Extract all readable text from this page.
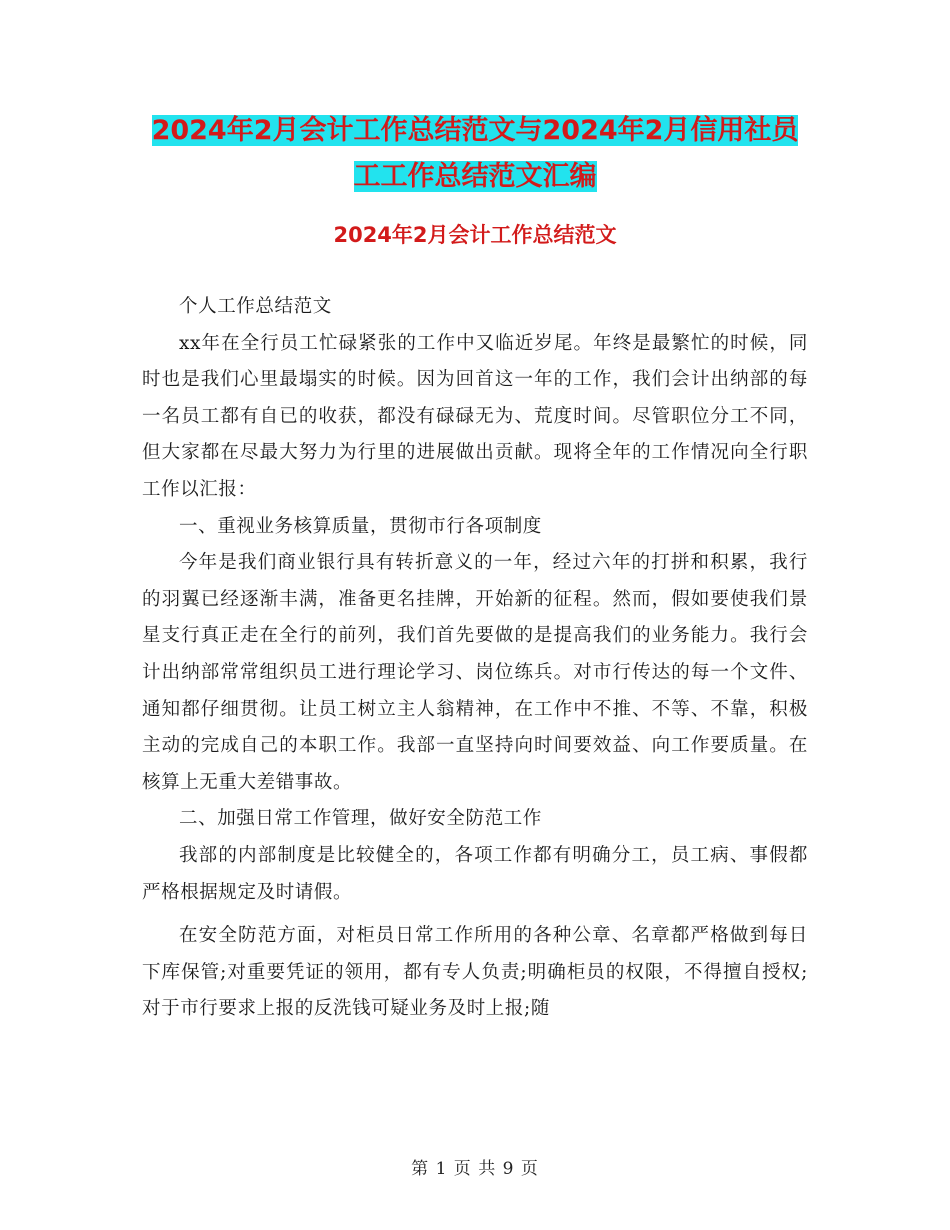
2024年2月会计工作总结范文与2024年2月信用社员工工作总结范文汇编
2024年2月会计工作总结范文

个人工作总结范文

xx年在全行员工忙碌紧张的工作中又临近岁尾。年终是最繁忙的时候，同时也是我们心里最塌实的时候。因为回首这一年的工作，我们会计出纳部的每一名员工都有自已的收获，都没有碌碌无为、荒度时间。尽管职位分工不同，但大家都在尽最大努力为行里的进展做出贡献。现将全年的工作情况向全行职工作以汇报：

一、重视业务核算质量，贯彻市行各项制度

今年是我们商业银行具有转折意义的一年，经过六年的打拼和积累，我行的羽翼已经逐渐丰满，准备更名挂牌，开始新的征程。然而，假如要使我们景星支行真正走在全行的前列，我们首先要做的是提高我们的业务能力。我行会计出纳部常常组织员工进行理论学习、岗位练兵。对市行传达的每一个文件、通知都仔细贯彻。让员工树立主人翁精神，在工作中不推、不等、不靠，积极主动的完成自己的本职工作。我部一直坚持向时间要效益、向工作要质量。在核算上无重大差错事故。

二、加强日常工作管理，做好安全防范工作

我部的内部制度是比较健全的，各项工作都有明确分工，员工病、事假都严格根据规定及时请假。

在安全防范方面，对柜员日常工作所用的各种公章、名章都严格做到每日下库保管;对重要凭证的领用，都有专人负责;明确柜员的权限，不得擅自授权;对于市行要求上报的反洗钱可疑业务及时上报;随

第 1 页 共 9 页
